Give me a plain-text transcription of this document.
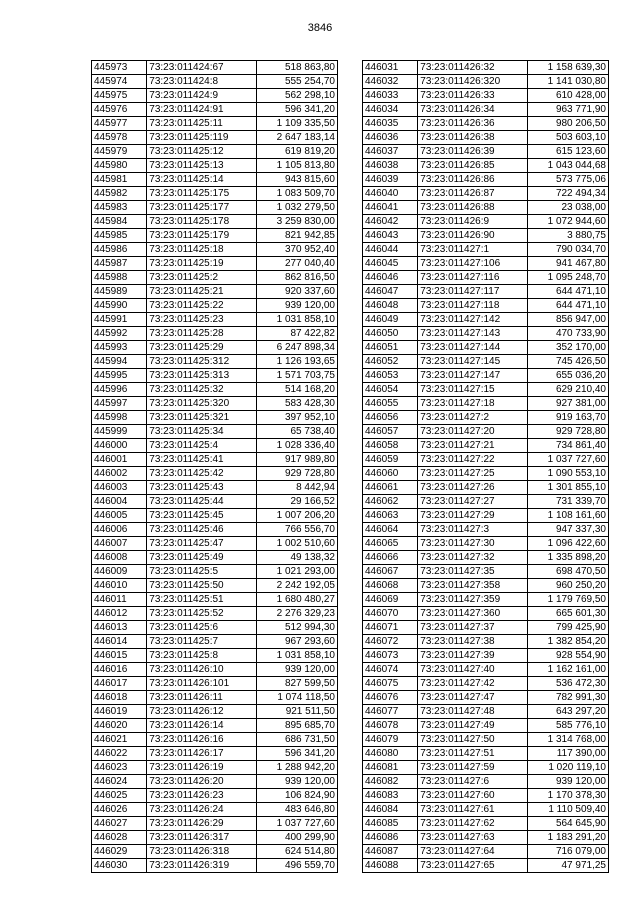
3846
445973	73:23:011424:67	518 863,80
445974	73:23:011424:8	555 254,70
445975	73:23:011424:9	562 298,10
445976	73:23:011424:91	596 341,20
445977	73:23:011425:11	1 109 335,50
445978	73:23:011425:119	2 647 183,14
445979	73:23:011425:12	619 819,20
445980	73:23:011425:13	1 105 813,80
445981	73:23:011425:14	943 815,60
445982	73:23:011425:175	1 083 509,70
445983	73:23:011425:177	1 032 279,50
445984	73:23:011425:178	3 259 830,00
445985	73:23:011425:179	821 942,85
445986	73:23:011425:18	370 952,40
445987	73:23:011425:19	277 040,40
445988	73:23:011425:2	862 816,50
445989	73:23:011425:21	920 337,60
445990	73:23:011425:22	939 120,00
445991	73:23:011425:23	1 031 858,10
445992	73:23:011425:28	87 422,82
445993	73:23:011425:29	6 247 898,34
445994	73:23:011425:312	1 126 193,65
445995	73:23:011425:313	1 571 703,75
445996	73:23:011425:32	514 168,20
445997	73:23:011425:320	583 428,30
445998	73:23:011425:321	397 952,10
445999	73:23:011425:34	65 738,40
446000	73:23:011425:4	1 028 336,40
446001	73:23:011425:41	917 989,80
446002	73:23:011425:42	929 728,80
446003	73:23:011425:43	8 442,94
446004	73:23:011425:44	29 166,52
446005	73:23:011425:45	1 007 206,20
446006	73:23:011425:46	766 556,70
446007	73:23:011425:47	1 002 510,60
446008	73:23:011425:49	49 138,32
446009	73:23:011425:5	1 021 293,00
446010	73:23:011425:50	2 242 192,05
446011	73:23:011425:51	1 680 480,27
446012	73:23:011425:52	2 276 329,23
446013	73:23:011425:6	512 994,30
446014	73:23:011425:7	967 293,60
446015	73:23:011425:8	1 031 858,10
446016	73:23:011426:10	939 120,00
446017	73:23:011426:101	827 599,50
446018	73:23:011426:11	1 074 118,50
446019	73:23:011426:12	921 511,50
446020	73:23:011426:14	895 685,70
446021	73:23:011426:16	686 731,50
446022	73:23:011426:17	596 341,20
446023	73:23:011426:19	1 288 942,20
446024	73:23:011426:20	939 120,00
446025	73:23:011426:23	106 824,90
446026	73:23:011426:24	483 646,80
446027	73:23:011426:29	1 037 727,60
446028	73:23:011426:317	400 299,90
446029	73:23:011426:318	624 514,80
446030	73:23:011426:319	496 559,70
446031	73:23:011426:32	1 158 639,30
446032	73:23:011426:320	1 141 030,80
446033	73:23:011426:33	610 428,00
446034	73:23:011426:34	963 771,90
446035	73:23:011426:36	980 206,50
446036	73:23:011426:38	503 603,10
446037	73:23:011426:39	615 123,60
446038	73:23:011426:85	1 043 044,68
446039	73:23:011426:86	573 775,06
446040	73:23:011426:87	722 494,34
446041	73:23:011426:88	23 038,00
446042	73:23:011426:9	1 072 944,60
446043	73:23:011426:90	3 880,75
446044	73:23:011427:1	790 034,70
446045	73:23:011427:106	941 467,80
446046	73:23:011427:116	1 095 248,70
446047	73:23:011427:117	644 471,10
446048	73:23:011427:118	644 471,10
446049	73:23:011427:142	856 947,00
446050	73:23:011427:143	470 733,90
446051	73:23:011427:144	352 170,00
446052	73:23:011427:145	745 426,50
446053	73:23:011427:147	655 036,20
446054	73:23:011427:15	629 210,40
446055	73:23:011427:18	927 381,00
446056	73:23:011427:2	919 163,70
446057	73:23:011427:20	929 728,80
446058	73:23:011427:21	734 861,40
446059	73:23:011427:22	1 037 727,60
446060	73:23:011427:25	1 090 553,10
446061	73:23:011427:26	1 301 855,10
446062	73:23:011427:27	731 339,70
446063	73:23:011427:29	1 108 161,60
446064	73:23:011427:3	947 337,30
446065	73:23:011427:30	1 096 422,60
446066	73:23:011427:32	1 335 898,20
446067	73:23:011427:35	698 470,50
446068	73:23:011427:358	960 250,20
446069	73:23:011427:359	1 179 769,50
446070	73:23:011427:360	665 601,30
446071	73:23:011427:37	799 425,90
446072	73:23:011427:38	1 382 854,20
446073	73:23:011427:39	928 554,90
446074	73:23:011427:40	1 162 161,00
446075	73:23:011427:42	536 472,30
446076	73:23:011427:47	782 991,30
446077	73:23:011427:48	643 297,20
446078	73:23:011427:49	585 776,10
446079	73:23:011427:50	1 314 768,00
446080	73:23:011427:51	117 390,00
446081	73:23:011427:59	1 020 119,10
446082	73:23:011427:6	939 120,00
446083	73:23:011427:60	1 170 378,30
446084	73:23:011427:61	1 110 509,40
446085	73:23:011427:62	564 645,90
446086	73:23:011427:63	1 183 291,20
446087	73:23:011427:64	716 079,00
446088	73:23:011427:65	47 971,25
